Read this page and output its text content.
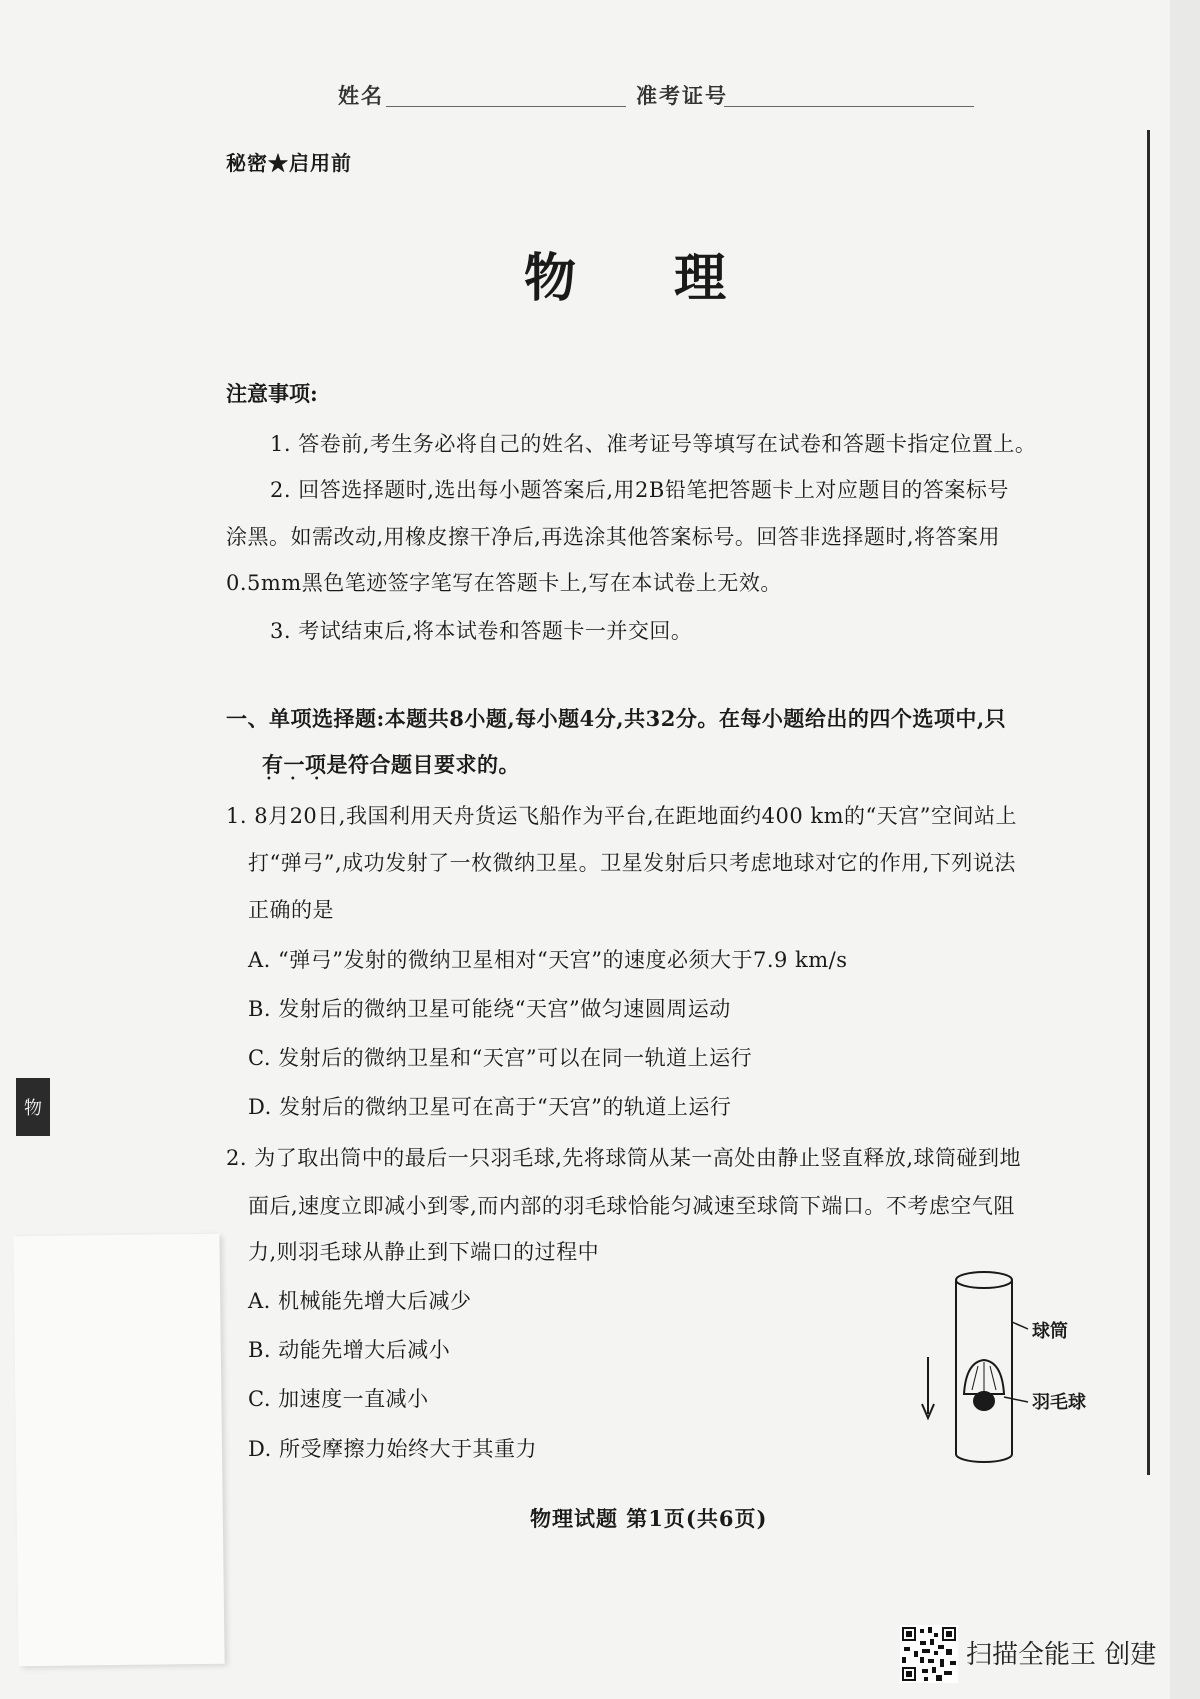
姓名	准考证号
秘密★启用前
物 理
注意事项:
1. 答卷前,考生务必将自己的姓名、准考证号等填写在试卷和答题卡指定位置上。
2. 回答选择题时,选出每小题答案后,用2B铅笔把答题卡上对应题目的答案标号
涂黑。如需改动,用橡皮擦干净后,再选涂其他答案标号。回答非选择题时,将答案用
0.5mm黑色笔迹签字笔写在答题卡上,写在本试卷上无效。
3. 考试结束后,将本试卷和答题卡一并交回。
一、单项选择题:本题共8小题,每小题4分,共32分。在每小题给出的四个选项中,只
有一项是符合题目要求的。
•••
1. 8月20日,我国利用天舟货运飞船作为平台,在距地面约400 km的“天宫”空间站上
打“弹弓”,成功发射了一枚微纳卫星。卫星发射后只考虑地球对它的作用,下列说法
正确的是
A. “弹弓”发射的微纳卫星相对“天宫”的速度必须大于7.9 km/s
B. 发射后的微纳卫星可能绕“天宫”做匀速圆周运动
C. 发射后的微纳卫星和“天宫”可以在同一轨道上运行
D. 发射后的微纳卫星可在高于“天宫”的轨道上运行
2. 为了取出筒中的最后一只羽毛球,先将球筒从某一高处由静止竖直释放,球筒碰到地
面后,速度立即减小到零,而内部的羽毛球恰能匀减速至球筒下端口。不考虑空气阻
力,则羽毛球从静止到下端口的过程中
A. 机械能先增大后减少
B. 动能先增大后减小
C. 加速度一直减小
D. 所受摩擦力始终大于其重力
球筒
羽毛球
物理试题 第1页(共6页)
物
扫描全能王 创建
